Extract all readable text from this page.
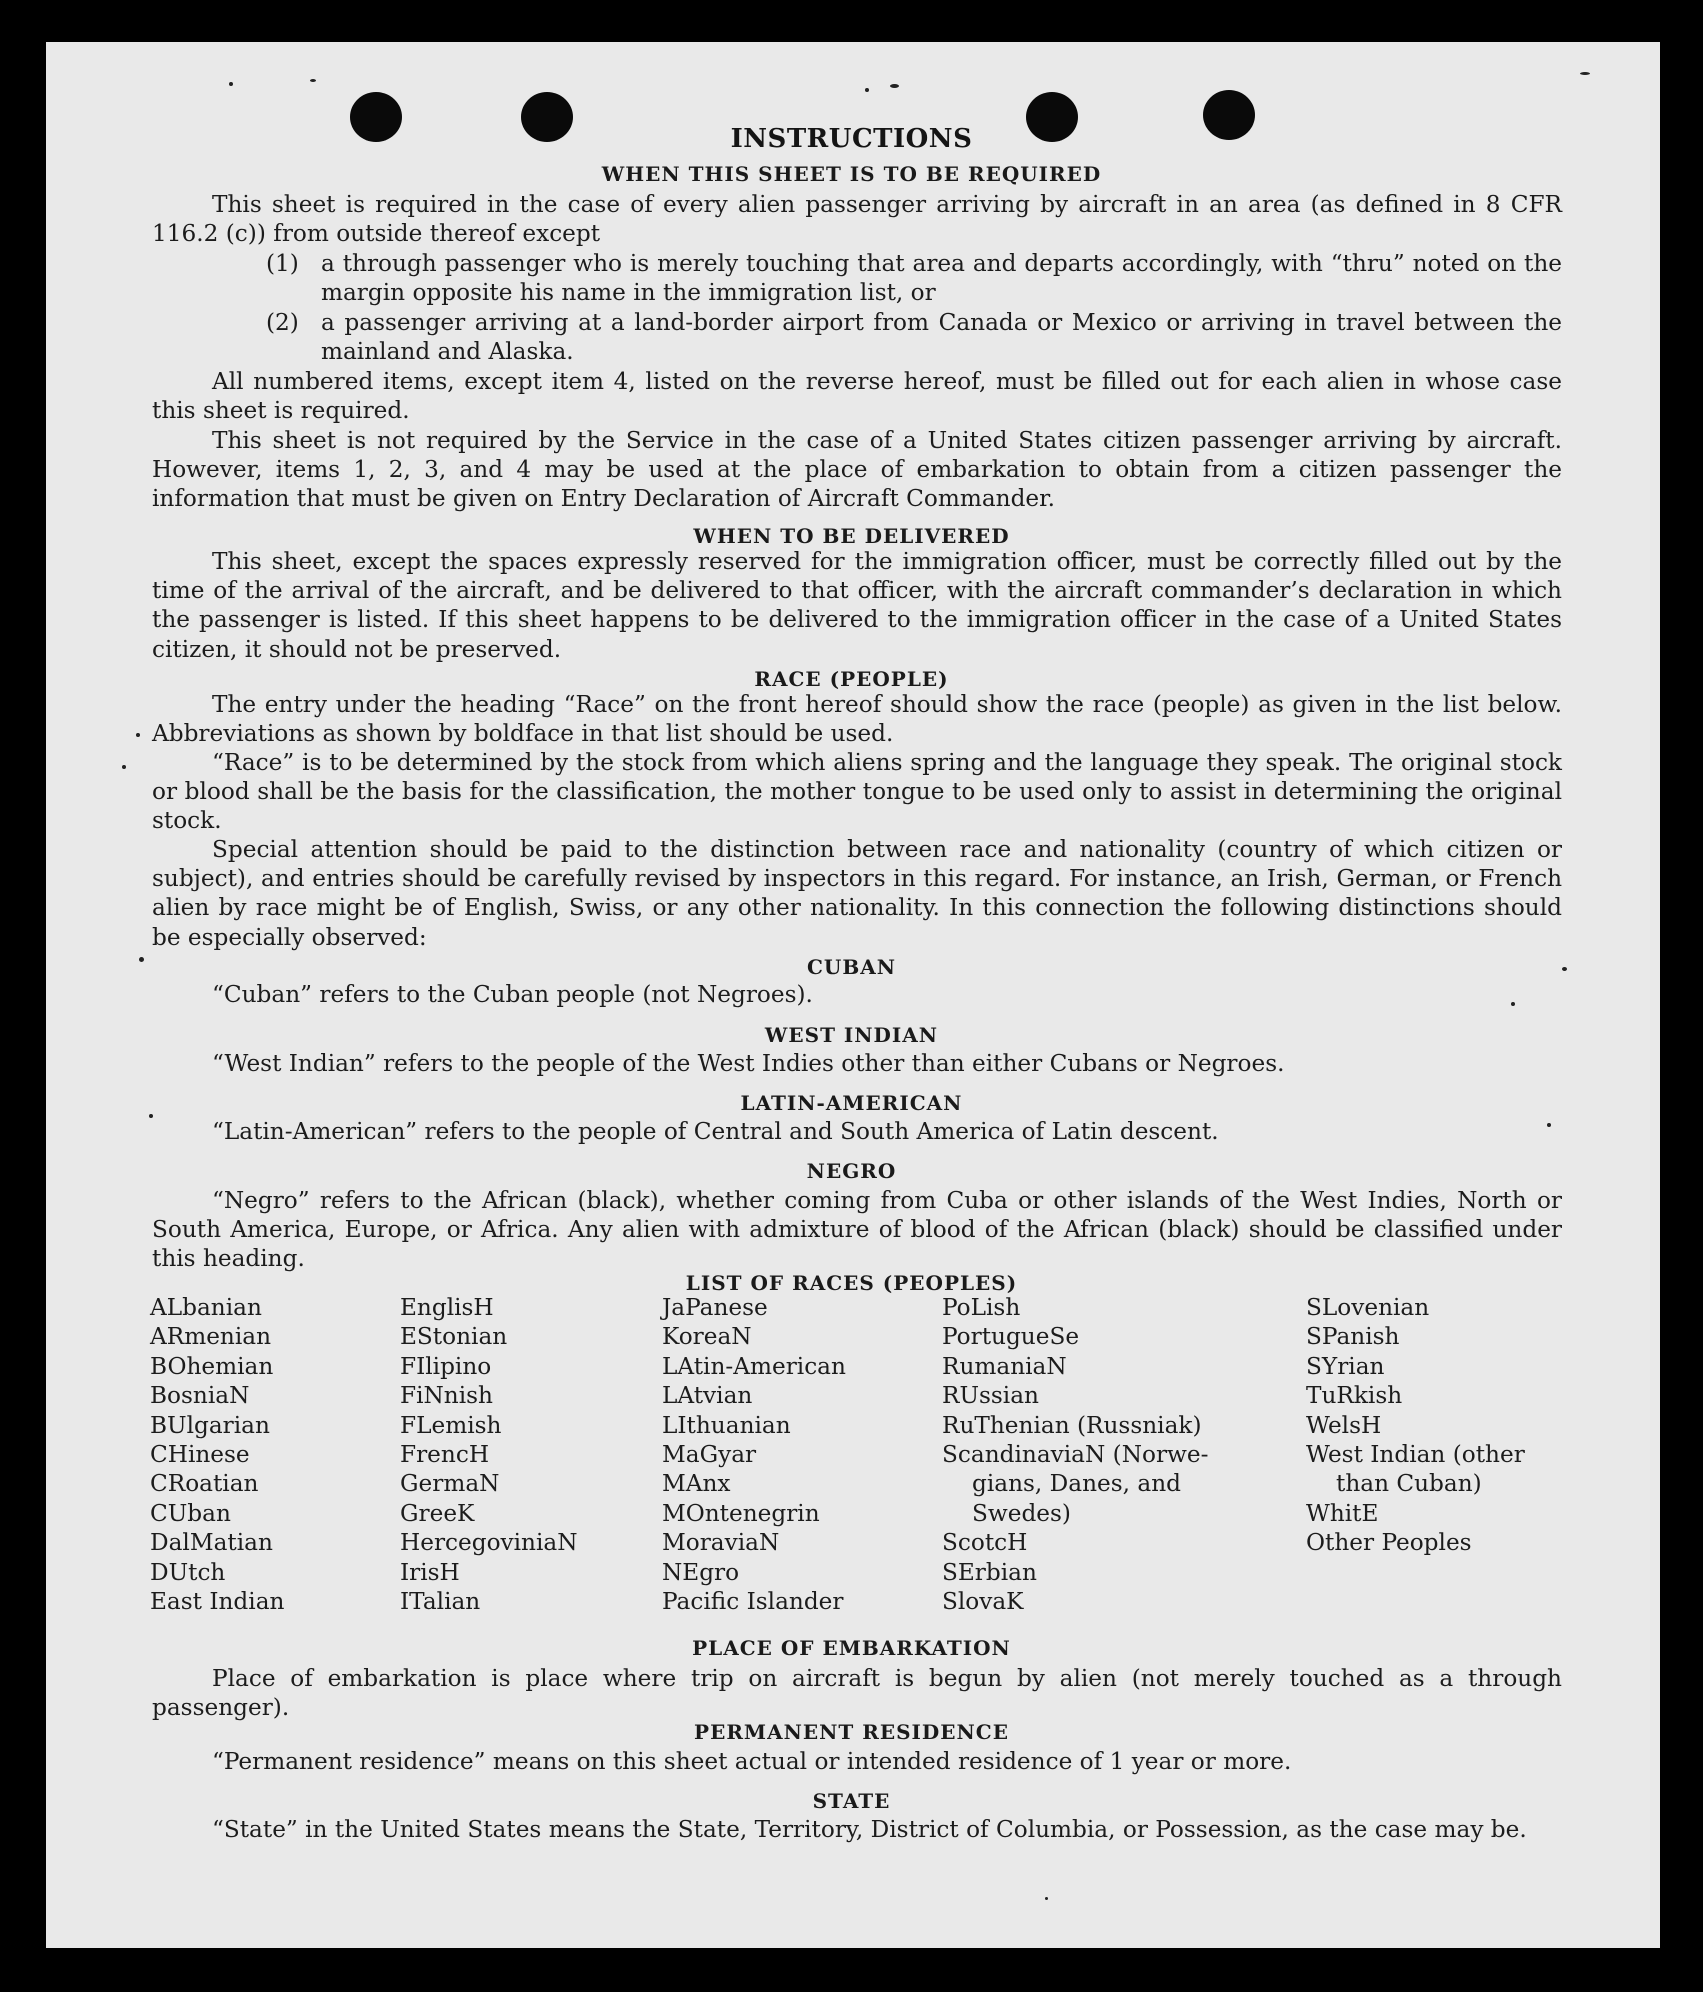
INSTRUCTIONS
WHEN THIS SHEET IS TO BE REQUIRED

This sheet is required in the case of every alien passenger arriving by aircraft in an area (as defined in 8 CFR 116.2 (c)) from outside thereof except

(1) a through passenger who is merely touching that area and departs accordingly, with “thru” noted on the margin opposite his name in the immigration list, or

(2) a passenger arriving at a land-border airport from Canada or Mexico or arriving in travel between the mainland and Alaska.

All numbered items, except item 4, listed on the reverse hereof, must be filled out for each alien in whose case this sheet is required.

This sheet is not required by the Service in the case of a United States citizen passenger arriving by aircraft. However, items 1, 2, 3, and 4 may be used at the place of embarkation to obtain from a citizen passenger the information that must be given on Entry Declaration of Aircraft Commander.

WHEN TO BE DELIVERED

This sheet, except the spaces expressly reserved for the immigration officer, must be correctly filled out by the time of the arrival of the aircraft, and be delivered to that officer, with the aircraft commander’s declaration in which the passenger is listed. If this sheet happens to be delivered to the immigration officer in the case of a United States citizen, it should not be preserved.

RACE (PEOPLE)

The entry under the heading “Race” on the front hereof should show the race (people) as given in the list below. Abbreviations as shown by boldface in that list should be used.

“Race” is to be determined by the stock from which aliens spring and the language they speak. The original stock or blood shall be the basis for the classification, the mother tongue to be used only to assist in determining the original stock.

Special attention should be paid to the distinction between race and nationality (country of which citizen or subject), and entries should be carefully revised by inspectors in this regard. For instance, an Irish, German, or French alien by race might be of English, Swiss, or any other nationality. In this connection the following distinctions should be especially observed:

CUBAN

“Cuban” refers to the Cuban people (not Negroes).

WEST INDIAN

“West Indian” refers to the people of the West Indies other than either Cubans or Negroes.

LATIN-AMERICAN

“Latin-American” refers to the people of Central and South America of Latin descent.

NEGRO

“Negro” refers to the African (black), whether coming from Cuba or other islands of the West Indies, North or South America, Europe, or Africa. Any alien with admixture of blood of the African (black) should be classified under this heading.

LIST OF RACES (PEOPLES)
ALbanian
ARmenian
BOhemian
BosniaN
BUlgarian
CHinese
CRoatian
CUban
DalMatian
DUtch
East Indian
EnglisH
EStonian
FIlipino
FiNnish
FLemish
FrencH
GermaN
GreeK
HercegoviniaN
IrisH
ITalian
JaPanese
KoreaN
LAtin-American
LAtvian
LIthuanian
MaGyar
MAnx
MOntenegrin
MoraviaN
NEgro
Pacific Islander
PoLish
PortugueSe
RumaniaN
RUssian
RuThenian (Russniak)
ScandinaviaN (Norwe-
gians, Danes, and
Swedes)
ScotcH
SErbian
SlovaK
SLovenian
SPanish
SYrian
TuRkish
WelsH
West Indian (other
than Cuban)
WhitE
Other Peoples
PLACE OF EMBARKATION

Place of embarkation is place where trip on aircraft is begun by alien (not merely touched as a through passenger).

PERMANENT RESIDENCE

“Permanent residence” means on this sheet actual or intended residence of 1 year or more.

STATE

“State” in the United States means the State, Territory, District of Columbia, or Possession, as the case may be.
